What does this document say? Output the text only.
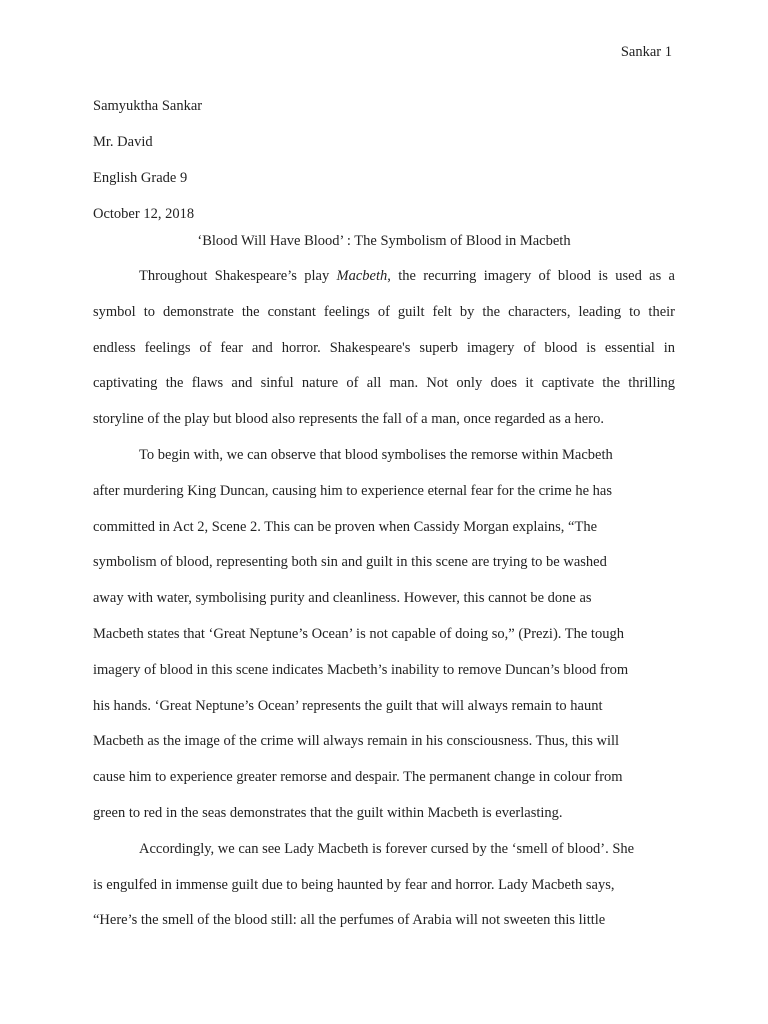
Sankar 1
Samyuktha Sankar
Mr. David
English Grade 9
October 12, 2018
‘Blood Will Have Blood’ : The Symbolism of Blood in Macbeth
Throughout Shakespeare’s play Macbeth, the recurring imagery of blood is used as a
symbol to demonstrate the constant feelings of guilt felt by the characters, leading to their
endless feelings of fear and horror. Shakespeare's superb imagery of blood is essential in
captivating the flaws and sinful nature of all man. Not only does it captivate the thrilling
storyline of the play but blood also represents the fall of a man, once regarded as a hero.
To begin with, we can observe that blood symbolises the remorse within Macbeth
after murdering King Duncan, causing him to experience eternal fear for the crime he has
committed in Act 2, Scene 2. This can be proven when Cassidy Morgan explains, “The
symbolism of blood, representing both sin and guilt in this scene are trying to be washed
away with water, symbolising purity and cleanliness. However, this cannot be done as
Macbeth states that ‘Great Neptune’s Ocean’ is not capable of doing so,” (Prezi). The tough
imagery of blood in this scene indicates Macbeth’s inability to remove Duncan’s blood from
his hands. ‘Great Neptune’s Ocean’ represents the guilt that will always remain to haunt
Macbeth as the image of the crime will always remain in his consciousness. Thus, this will
cause him to experience greater remorse and despair. The permanent change in colour from
green to red in the seas demonstrates that the guilt within Macbeth is everlasting.
Accordingly, we can see Lady Macbeth is forever cursed by the ‘smell of blood’. She
is engulfed in immense guilt due to being haunted by fear and horror. Lady Macbeth says,
“Here’s the smell of the blood still: all the perfumes of Arabia will not sweeten this little
